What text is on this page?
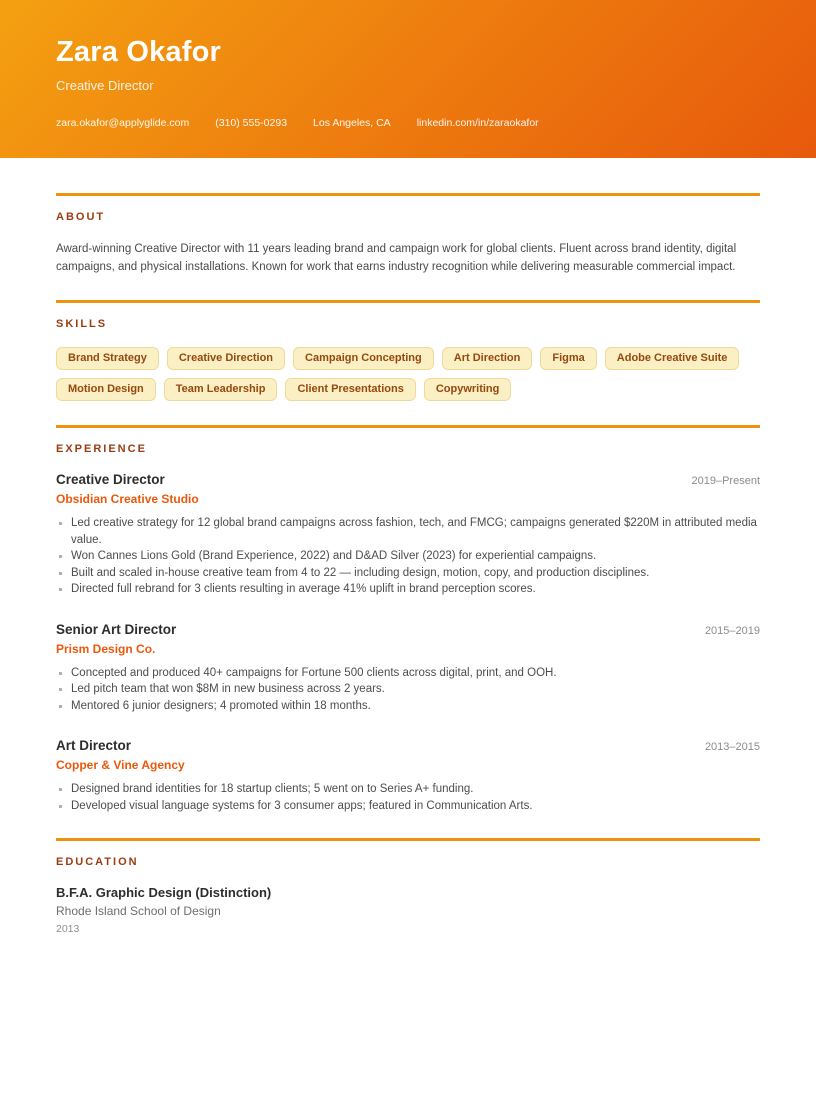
Zara Okafor
Creative Director
zara.okafor@applyglide.com (310) 555-0293 Los Angeles, CA linkedin.com/in/zaraokafor
ABOUT

Award-winning Creative Director with 11 years leading brand and campaign work for global clients. Fluent across brand identity, digital campaigns, and physical installations. Known for work that earns industry recognition while delivering measurable commercial impact.

SKILLS
Brand Strategy	Creative Direction	Campaign Concepting	Art Direction	Figma	Adobe Creative Suite
Motion Design	Team Leadership	Client Presentations	Copywriting
EXPERIENCE
Creative Director	2019–Present
Obsidian Creative Studio
Led creative strategy for 12 global brand campaigns across fashion, tech, and FMCG; campaigns generated $220M in attributed media value.
Won Cannes Lions Gold (Brand Experience, 2022) and D&AD Silver (2023) for experiential campaigns.
Built and scaled in-house creative team from 4 to 22 — including design, motion, copy, and production disciplines.
Directed full rebrand for 3 clients resulting in average 41% uplift in brand perception scores.
Senior Art Director	2015–2019
Prism Design Co.
Concepted and produced 40+ campaigns for Fortune 500 clients across digital, print, and OOH.
Led pitch team that won $8M in new business across 2 years.
Mentored 6 junior designers; 4 promoted within 18 months.
Art Director	2013–2015
Copper & Vine Agency
Designed brand identities for 18 startup clients; 5 went on to Series A+ funding.
Developed visual language systems for 3 consumer apps; featured in Communication Arts.
EDUCATION
B.F.A. Graphic Design (Distinction)
Rhode Island School of Design
2013
